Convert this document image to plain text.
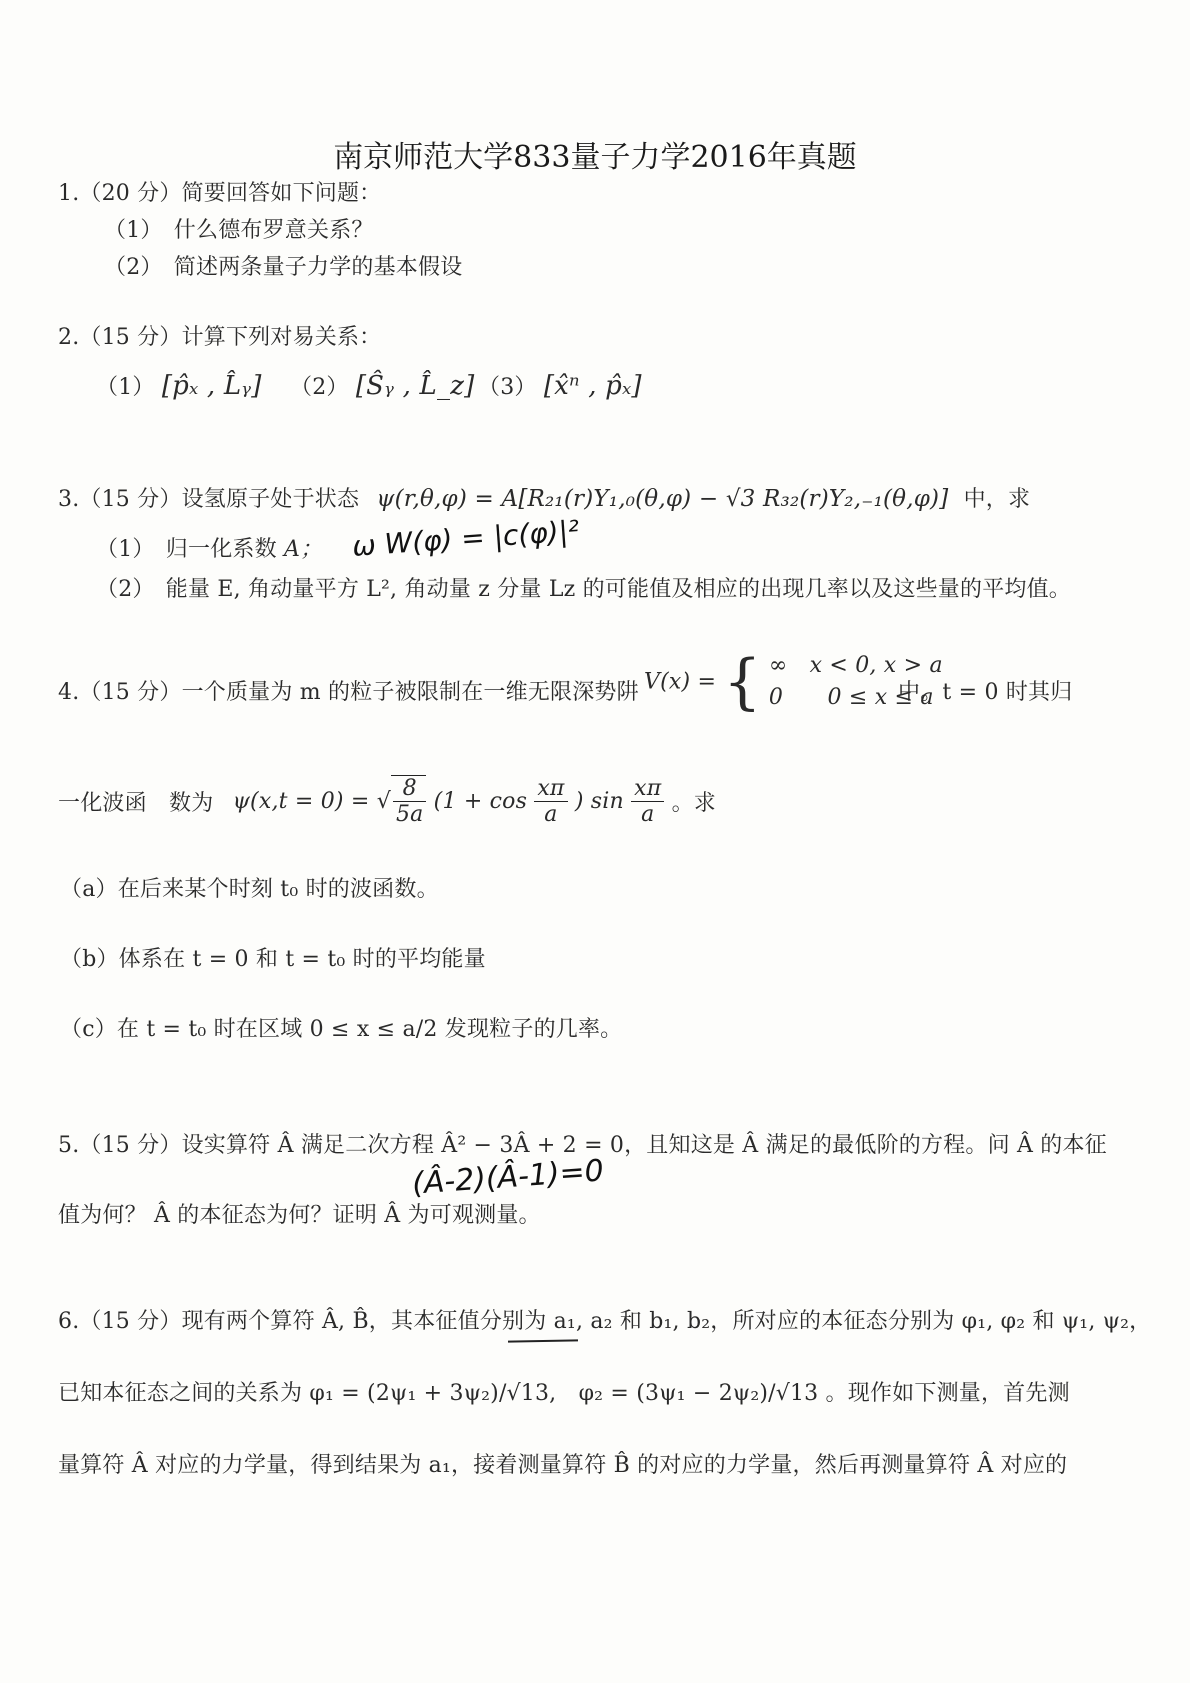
南京师范大学833量子力学2016年真题
1.（20 分）简要回答如下问题：
（1）　什么德布罗意关系？
（2）　简述两条量子力学的基本假设
2.（15 分）计算下列对易关系：
（1） [p̂ₓ , L̂ᵧ] （2） [Ŝᵧ , L̂_z] （3） [x̂ⁿ , p̂ₓ]
3.（15 分）设氢原子处于状态 ψ(r,θ,φ) = A[R₂₁(r)Y₁,₀(θ,φ) − √3 R₃₂(r)Y₂,₋₁(θ,φ)] 中，求
（1）　归一化系数 A； ω W(φ) = |c(φ)|²
（2）　能量 E, 角动量平方 L², 角动量 z 分量 Lz 的可能值及相应的出现几率以及这些量的平均值。
4.（15 分）一个质量为 m 的粒子被限制在一维无限深势阱 V(x) = { ∞　x < 0, x > a
0　　0 ≤ x ≤ a
中。t = 0 时其归
一化波函　数为 ψ(x,t = 0) = √ $\frac{8}{5a} (1 + \cos \frac{x\pi}{a}$ ) $\sin \frac{x\pi}{a}$ 。求
（a）在后来某个时刻 t₀ 时的波函数。
（b）体系在 t = 0 和 t = t₀ 时的平均能量
（c）在 t = t₀ 时在区域 0 ≤ x ≤ a/2 发现粒子的几率。
5.（15 分）设实算符 Â 满足二次方程 Â² − 3Â + 2 = 0，且知这是 Â 满足的最低阶的方程。问 Â 的本征
(Â-2)(Â-1)=0
值为何？ Â 的本征态为何？证明 Â 为可观测量。
6.（15 分）现有两个算符 Â, B̂，其本征值分别为 a₁, a₂ 和 b₁, b₂，所对应的本征态分别为 φ₁, φ₂ 和 ψ₁, ψ₂，
已知本征态之间的关系为 φ₁ = (2ψ₁ + 3ψ₂)/√13,　φ₂ = (3ψ₁ − 2ψ₂)/√13 。现作如下测量，首先测
量算符 Â 对应的力学量，得到结果为 a₁，接着测量算符 B̂ 的对应的力学量，然后再测量算符 Â 对应的
